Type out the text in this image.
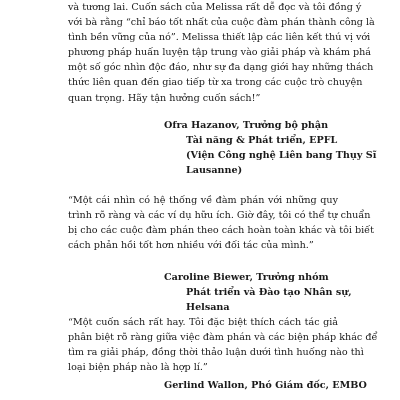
và tương lai. Cuốn sách của Melissa rất dễ đọc và tôi đồng ý
với bà rằng “chỉ báo tốt nhất của cuộc đàm phán thành công là
tình bền vững của nó”. Melissa thiết lập các liên kết thú vị với
phương pháp huấn luyện tập trung vào giải pháp và khám phá
một số góc nhìn độc đáo, như sự đa dạng giới hay những thách
thức liên quan đến giao tiếp từ xa trong các cuộc trò chuyện
quan trọng. Hãy tận hưởng cuốn sách!”
Ofra Hazanov, Trưởng bộ phận
Tài năng & Phát triển, EPFL
(Viện Công nghệ Liên bang Thụy Sĩ
Lausanne)
“Một cái nhìn có hệ thống về đàm phán với những quy
trình rõ ràng và các ví dụ hữu ích. Giờ đây, tôi có thể tự chuẩn
bị cho các cuộc đàm phán theo cách hoàn toàn khác và tôi biết
cách phản hồi tốt hơn nhiều với đối tác của mình.”
Caroline Biewer, Trưởng nhóm
Phát triển và Đào tạo Nhân sự,
Helsana
“Một cuốn sách rất hay. Tôi đặc biệt thích cách tác giả
phân biệt rõ ràng giữa việc đàm phán và các biện pháp khác để
tìm ra giải pháp, đồng thời thảo luận dưới tình huống nào thì
loại biện pháp nào là hợp lí.”
Gerlind Wallon, Phó Giám đốc, EMBO
